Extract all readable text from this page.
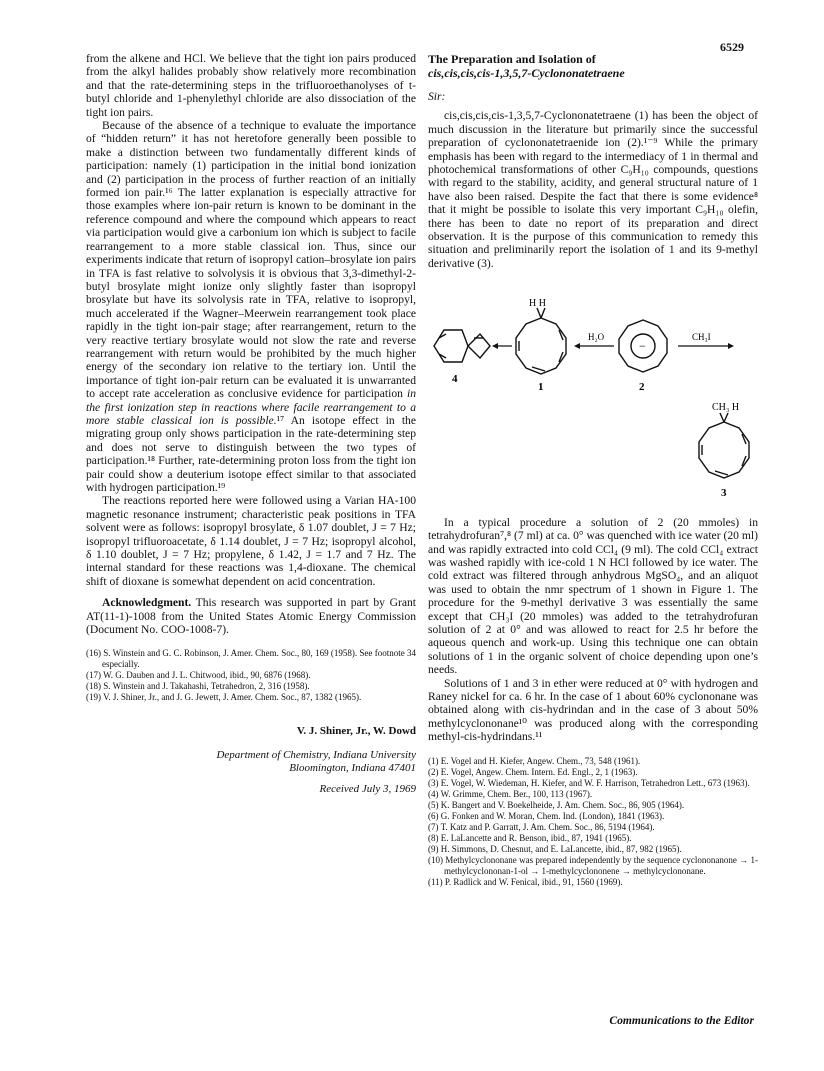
6529

from the alkene and HCl. We believe that the tight ion pairs produced from the alkyl halides probably show relatively more recombination and that the rate-determining steps in the trifluoroethanolyses of t-butyl chloride and 1-phenylethyl chloride are also dissociation of the tight ion pairs.

Because of the absence of a technique to evaluate the importance of “hidden return” it has not heretofore generally been possible to make a distinction between two fundamentally different kinds of participation: namely (1) participation in the initial bond ionization and (2) participation in the process of further reaction of an initially formed ion pair.¹⁶ The latter explanation is especially attractive for those examples where ion-pair return is known to be dominant in the reference compound and where the compound which appears to react via participation would give a carbonium ion which is subject to facile rearrangement to a more stable classical ion. Thus, since our experiments indicate that return of isopropyl cation–brosylate ion pairs in TFA is fast relative to solvolysis it is obvious that 3,3-dimethyl-2-butyl brosylate might ionize only slightly faster than isopropyl brosylate but have its solvolysis rate in TFA, relative to isopropyl, much accelerated if the Wagner–Meerwein rearrangement took place rapidly in the tight ion-pair stage; after rearrangement, return to the very reactive tertiary brosylate would not slow the rate and reverse rearrangement with return would be prohibited by the much higher energy of the secondary ion relative to the tertiary ion. Until the importance of tight ion-pair return can be evaluated it is unwarranted to accept rate acceleration as conclusive evidence for participation in the first ionization step in reactions where facile rearrangement to a more stable classical ion is possible.¹⁷ An isotope effect in the migrating group only shows participation in the rate-determining step and does not serve to distinguish between the two types of participation.¹⁸ Further, rate-determining proton loss from the tight ion pair could show a deuterium isotope effect similar to that associated with hydrogen participation.¹⁹

The reactions reported here were followed using a Varian HA-100 magnetic resonance instrument; characteristic peak positions in TFA solvent were as follows: isopropyl brosylate, δ 1.07 doublet, J = 7 Hz; isopropyl trifluoroacetate, δ 1.14 doublet, J = 7 Hz; isopropyl alcohol, δ 1.10 doublet, J = 7 Hz; propylene, δ 1.42, J = 1.7 and 7 Hz. The internal standard for these reactions was 1,4-dioxane. The chemical shift of dioxane is somewhat dependent on acid concentration.

Acknowledgment. This research was supported in part by Grant AT(11-1)-1008 from the United States Atomic Energy Commission (Document No. COO-1008-7).

(16) S. Winstein and G. C. Robinson, J. Amer. Chem. Soc., 80, 169 (1958). See footnote 34 especially.

(17) W. G. Dauben and J. L. Chitwood, ibid., 90, 6876 (1968).

(18) S. Winstein and J. Takahashi, Tetrahedron, 2, 316 (1958).

(19) V. J. Shiner, Jr., and J. G. Jewett, J. Amer. Chem. Soc., 87, 1382 (1965).

V. J. Shiner, Jr., W. Dowd
Department of Chemistry, Indiana University
Bloomington, Indiana 47401
Received July 3, 1969
The Preparation and Isolation of
cis,cis,cis,cis-1,3,5,7-Cyclononatetraene

Sir:

cis,cis,cis,cis-1,3,5,7-Cyclononatetraene (1) has been the object of much discussion in the literature but primarily since the successful preparation of cyclononatetraenide ion (2).¹⁻⁹ While the primary emphasis has been with regard to the intermediacy of 1 in thermal and photochemical transformations of other C₉H₁₀ compounds, questions with regard to the stability, acidity, and general structural nature of 1 have also been raised. Despite the fact that there is some evidence⁸ that it might be possible to isolate this very important C₉H₁₀ olefin, there has been to date no report of its preparation and direct observation. It is the purpose of this communication to remedy this situation and preliminarily report the isolation of 1 and its 9-methyl derivative (3).

4
H H
1
H₂O
−
2
CH₃I
CH₃ H
3

In a typical procedure a solution of 2 (20 mmoles) in tetrahydrofuran⁷,⁸ (7 ml) at ca. 0° was quenched with ice water (20 ml) and was rapidly extracted into cold CCl₄ (9 ml). The cold CCl₄ extract was washed rapidly with ice-cold 1 N HCl followed by ice water. The cold extract was filtered through anhydrous MgSO₄, and an aliquot was used to obtain the nmr spectrum of 1 shown in Figure 1. The procedure for the 9-methyl derivative 3 was essentially the same except that CH₃I (20 mmoles) was added to the tetrahydrofuran solution of 2 at 0° and was allowed to react for 2.5 hr before the aqueous quench and work-up. Using this technique one can obtain solutions of 1 in the organic solvent of choice depending upon one’s needs.

Solutions of 1 and 3 in ether were reduced at 0° with hydrogen and Raney nickel for ca. 6 hr. In the case of 1 about 60% cyclononane was obtained along with cis-hydrindan and in the case of 3 about 50% methylcyclononane¹⁰ was produced along with the corresponding methyl-cis-hydrindans.¹¹

(1) E. Vogel and H. Kiefer, Angew. Chem., 73, 548 (1961).

(2) E. Vogel, Angew. Chem. Intern. Ed. Engl., 2, 1 (1963).

(3) E. Vogel, W. Wiedeman, H. Kiefer, and W. F. Harrison, Tetrahedron Lett., 673 (1963).

(4) W. Grimme, Chem. Ber., 100, 113 (1967).

(5) K. Bangert and V. Boekelheide, J. Am. Chem. Soc., 86, 905 (1964).

(6) G. Fonken and W. Moran, Chem. Ind. (London), 1841 (1963).

(7) T. Katz and P. Garratt, J. Am. Chem. Soc., 86, 5194 (1964).

(8) E. LaLancette and R. Benson, ibid., 87, 1941 (1965).

(9) H. Simmons, D. Chesnut, and E. LaLancette, ibid., 87, 982 (1965).

(10) Methylcyclononane was prepared independently by the sequence cyclononanone → 1-methylcyclononan-1-ol → 1-methylcyclononene → methylcyclononane.

(11) P. Radlick and W. Fenical, ibid., 91, 1560 (1969).

Communications to the Editor
